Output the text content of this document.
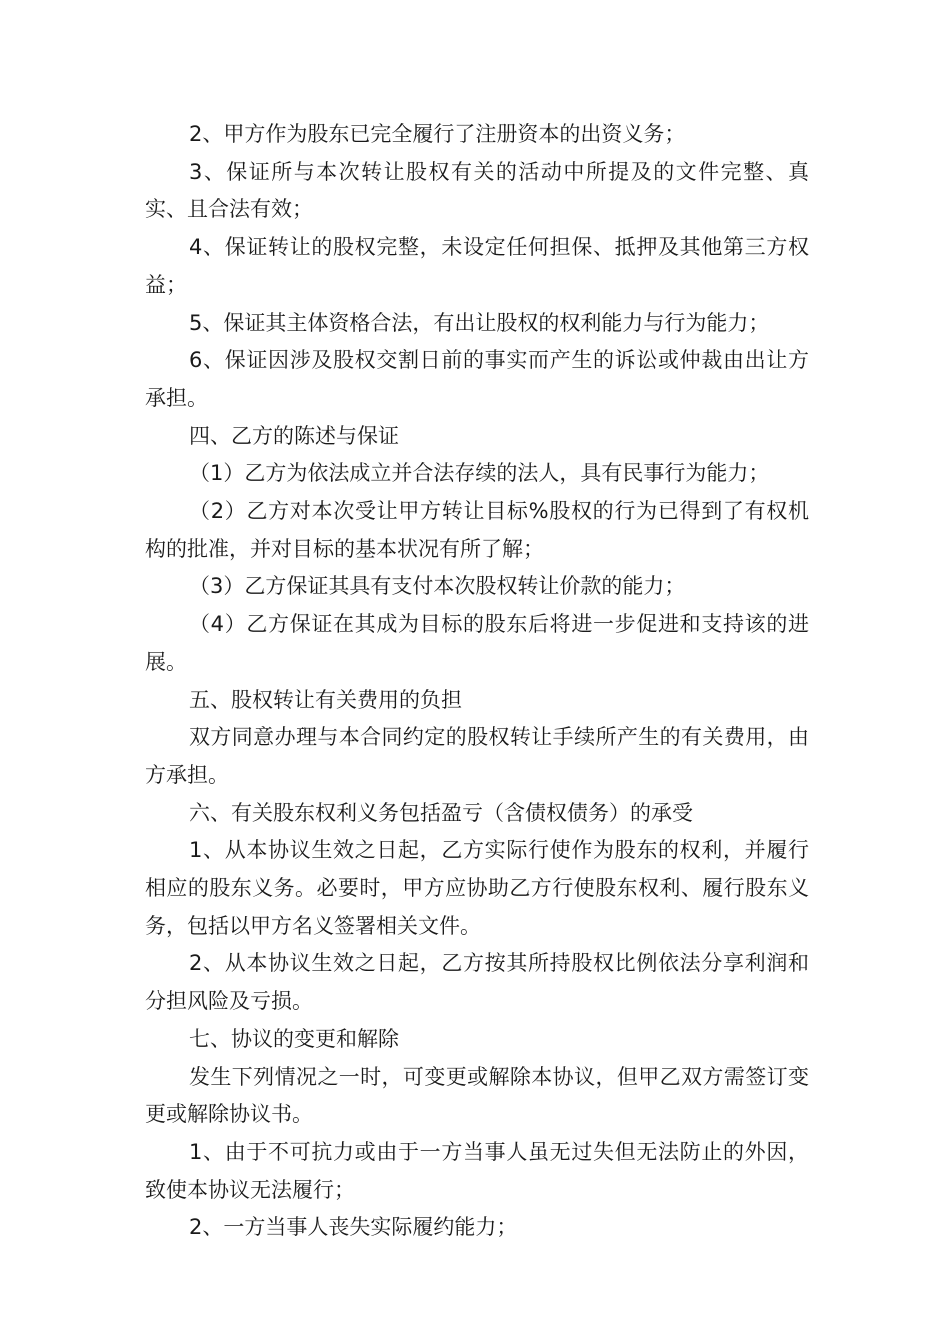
2、甲方作为股东已完全履行了注册资本的出资义务；

3、保证所与本次转让股权有关的活动中所提及的文件完整、真实、且合法有效；

4、保证转让的股权完整，未设定任何担保、抵押及其他第三方权益；

5、保证其主体资格合法，有出让股权的权利能力与行为能力；

6、保证因涉及股权交割日前的事实而产生的诉讼或仲裁由出让方承担。

四、乙方的陈述与保证

（1）乙方为依法成立并合法存续的法人，具有民事行为能力；

（2）乙方对本次受让甲方转让目标%股权的行为已得到了有权机构的批准，并对目标的基本状况有所了解；

（3）乙方保证其具有支付本次股权转让价款的能力；

（4）乙方保证在其成为目标的股东后将进一步促进和支持该的进展。

五、股权转让有关费用的负担

双方同意办理与本合同约定的股权转让手续所产生的有关费用，由方承担。

六、有关股东权利义务包括盈亏（含债权债务）的承受

1、从本协议生效之日起，乙方实际行使作为股东的权利，并履行相应的股东义务。必要时，甲方应协助乙方行使股东权利、履行股东义务，包括以甲方名义签署相关文件。

2、从本协议生效之日起，乙方按其所持股权比例依法分享利润和分担风险及亏损。

七、协议的变更和解除

发生下列情况之一时，可变更或解除本协议，但甲乙双方需签订变更或解除协议书。

1、由于不可抗力或由于一方当事人虽无过失但无法防止的外因，致使本协议无法履行；

2、一方当事人丧失实际履约能力；
